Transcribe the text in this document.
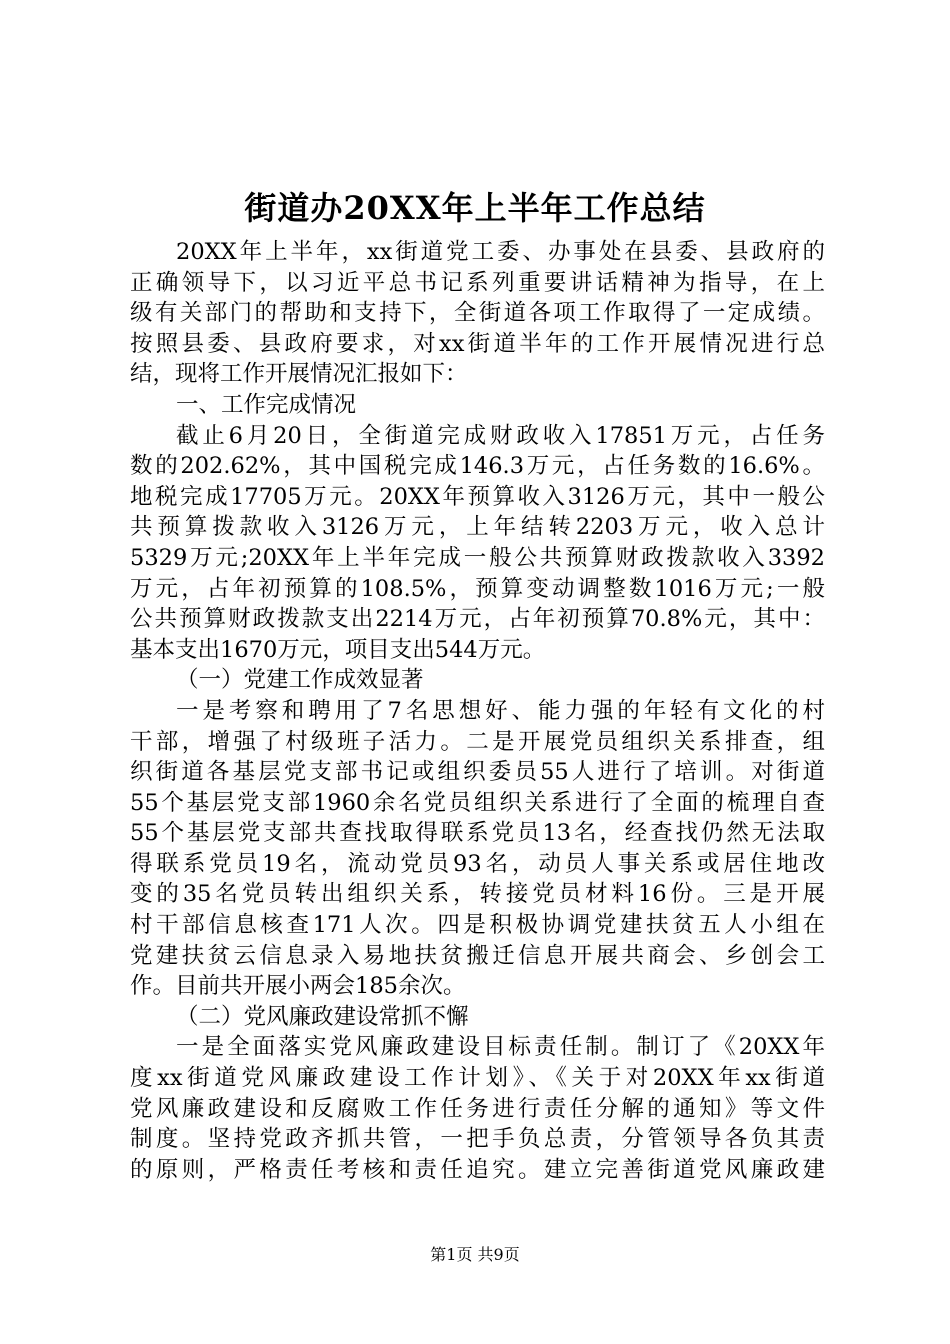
街道办20XX年上半年工作总结
20XX年上半年，xx街道党工委、办事处在县委、县政府的
正确领导下，以习近平总书记系列重要讲话精神为指导，在上
级有关部门的帮助和支持下，全街道各项工作取得了一定成绩。
按照县委、县政府要求，对xx街道半年的工作开展情况进行总
结，现将工作开展情况汇报如下：
一、工作完成情况
截止6月20日，全街道完成财政收入17851万元，占任务
数的202.62%，其中国税完成146.3万元，占任务数的16.6%。
地税完成17705万元。20XX年预算收入3126万元，其中一般公
共预算拨款收入3126万元，上年结转2203万元，收入总计
5329万元;20XX年上半年完成一般公共预算财政拨款收入3392
万元，占年初预算的108.5%，预算变动调整数1016万元;一般
公共预算财政拨款支出2214万元，占年初预算70.8%元，其中：
基本支出1670万元，项目支出544万元。
（一）党建工作成效显著
一是考察和聘用了7名思想好、能力强的年轻有文化的村
干部，增强了村级班子活力。二是开展党员组织关系排查，组
织街道各基层党支部书记或组织委员55人进行了培训。对街道
55个基层党支部1960余名党员组织关系进行了全面的梳理自查
55个基层党支部共查找取得联系党员13名，经查找仍然无法取
得联系党员19名，流动党员93名，动员人事关系或居住地改
变的35名党员转出组织关系，转接党员材料16份。三是开展
村干部信息核查171人次。四是积极协调党建扶贫五人小组在
党建扶贫云信息录入易地扶贫搬迁信息开展共商会、乡创会工
作。目前共开展小两会185余次。
（二）党风廉政建设常抓不懈
一是全面落实党风廉政建设目标责任制。制订了《20XX年
度xx街道党风廉政建设工作计划》、《关于对20XX年xx街道
党风廉政建设和反腐败工作任务进行责任分解的通知》等文件
制度。坚持党政齐抓共管，一把手负总责，分管领导各负其责
的原则，严格责任考核和责任追究。建立完善街道党风廉政建
第1页 共9页
